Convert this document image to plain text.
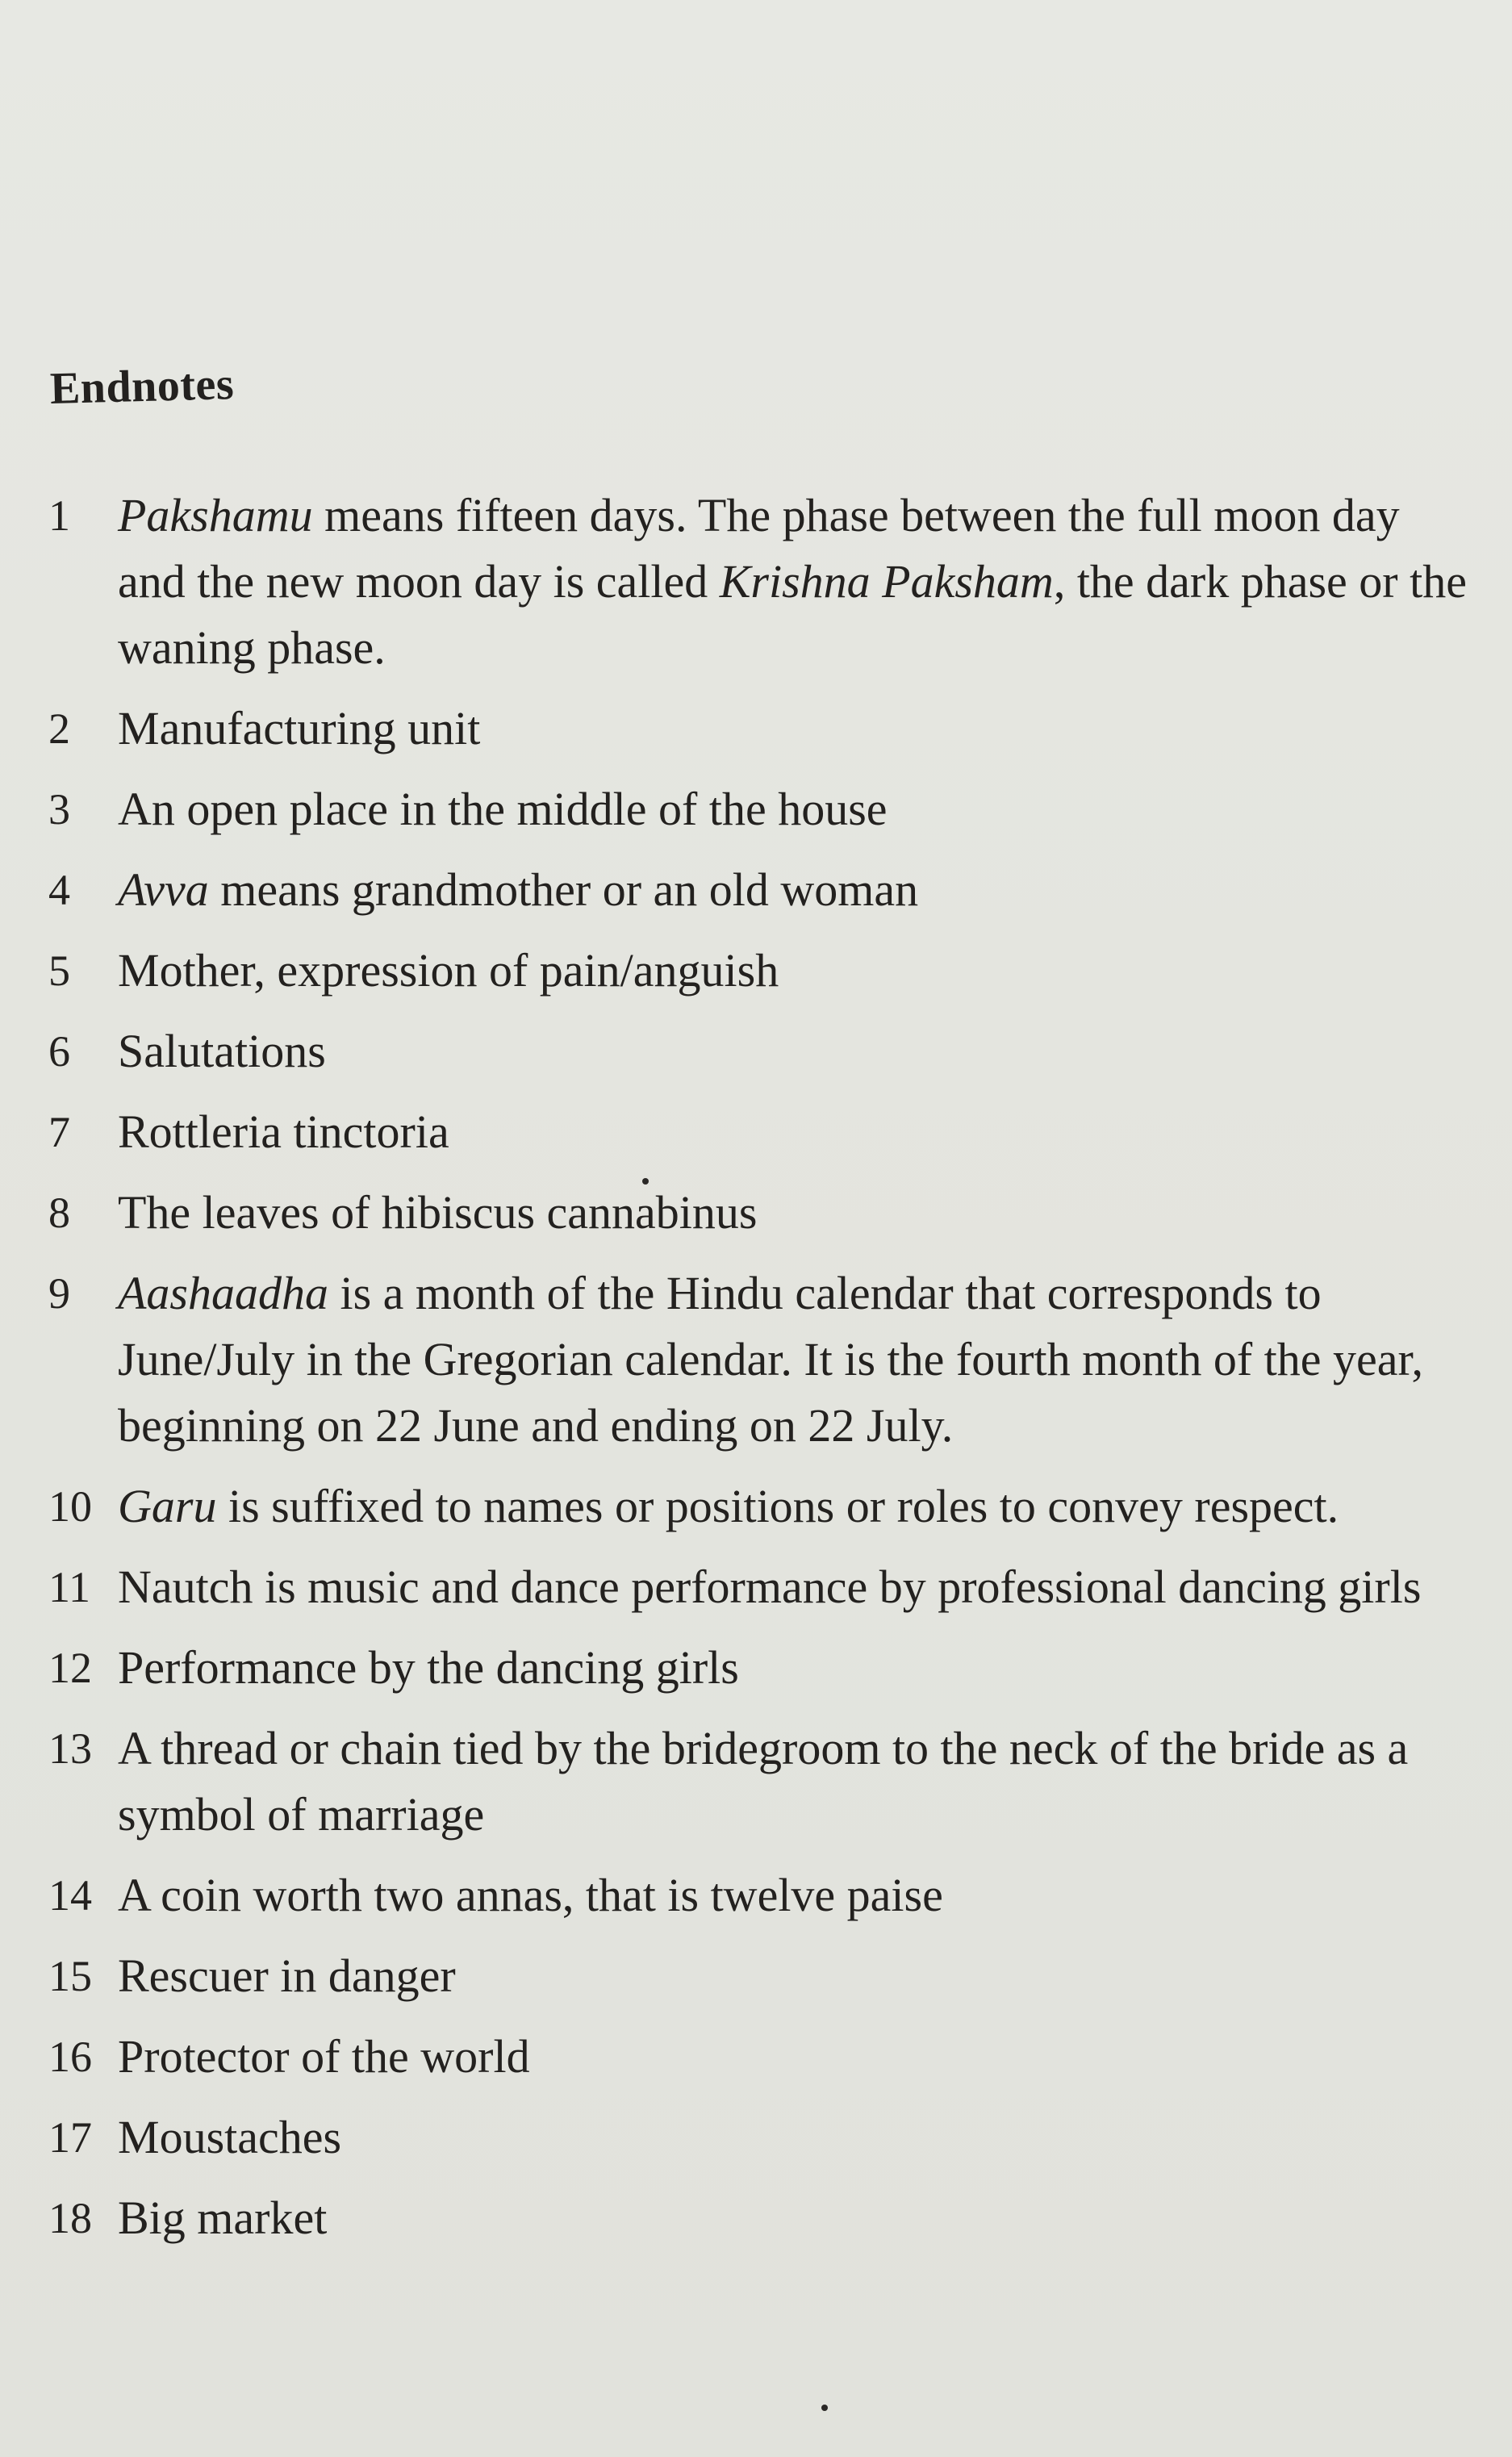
Endnotes
1	Pakshamu means fifteen days. The phase between the full moon day and the new moon day is called Krishna Paksham, the dark phase or the waning phase.
2	Manufacturing unit
3	An open place in the middle of the house
4	Avva means grandmother or an old woman
5	Mother, expression of pain/anguish
6	Salutations
7	Rottleria tinctoria
8	The leaves of hibiscus cannabinus
9	Aashaadha is a month of the Hindu calendar that corresponds to June/July in the Gregorian calendar. It is the fourth month of the year, beginning on 22 June and ending on 22 July.
10 Garu is suffixed to names or positions or roles to convey respect.
11 Nautch is music and dance performance by professional dancing girls
12 Performance by the dancing girls
13 A thread or chain tied by the bridegroom to the neck of the bride as a symbol of marriage
14 A coin worth two annas, that is twelve paise
15 Rescuer in danger
16 Protector of the world
17 Moustaches
18 Big market
